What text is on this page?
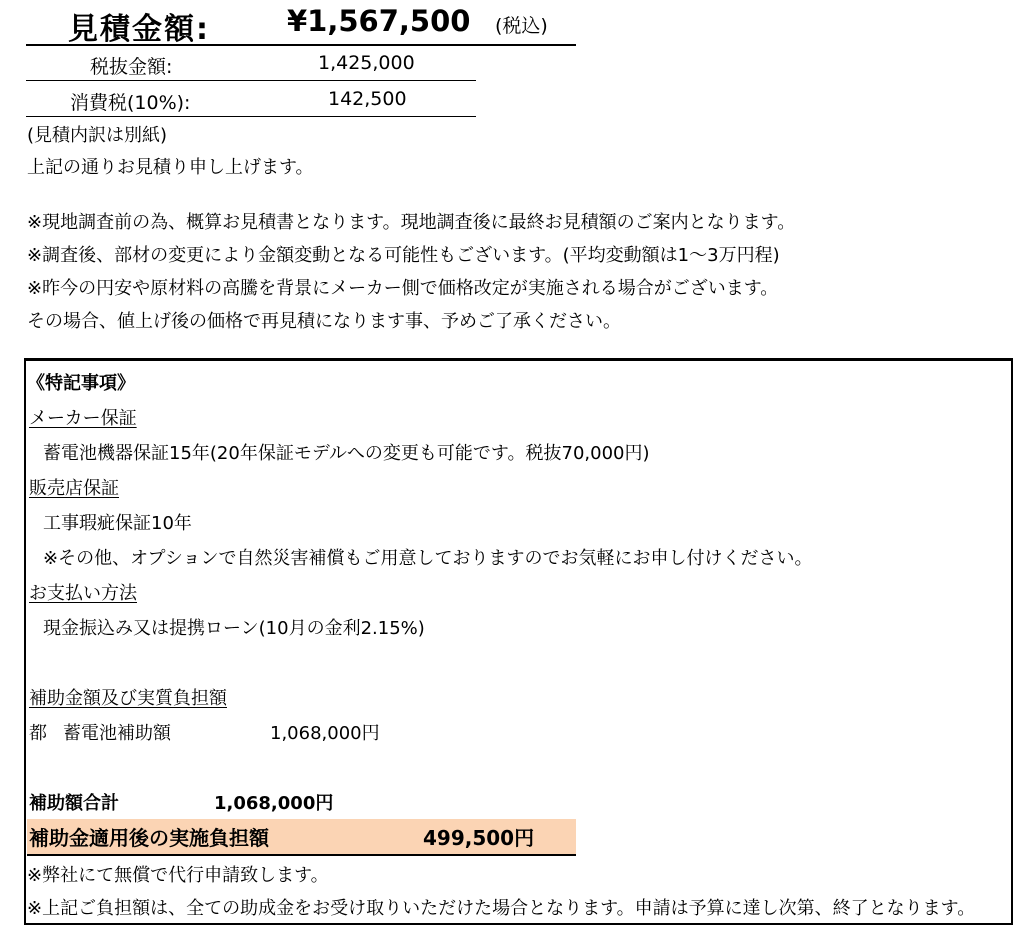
見積金額:	¥1,567,500 (税込)
税抜金額:	1,425,000
消費税(10%):	142,500
(見積内訳は別紙)
上記の通りお見積り申し上げます。
※現地調査前の為、概算お見積書となります。現地調査後に最終お見積額のご案内となります。
※調査後、部材の変更により金額変動となる可能性もございます。(平均変動額は1～3万円程)
※昨今の円安や原材料の高騰を背景にメーカー側で価格改定が実施される場合がございます。
その場合、値上げ後の価格で再見積になります事、予めご了承ください。
《特記事項》
メーカー保証
蓄電池機器保証15年(20年保証モデルへの変更も可能です。税抜70,000円)
販売店保証
工事瑕疵保証10年
※その他、オプションで自然災害補償もご用意しておりますのでお気軽にお申し付けください。
お支払い方法
現金振込み又は提携ローン(10月の金利2.15%)
補助金額及び実質負担額
都 蓄電池補助額	1,068,000円
補助額合計	1,068,000円
補助金適用後の実施負担額	499,500円
※弊社にて無償で代行申請致します。
※上記ご負担額は、全ての助成金をお受け取りいただけた場合となります。申請は予算に達し次第、終了となります。
